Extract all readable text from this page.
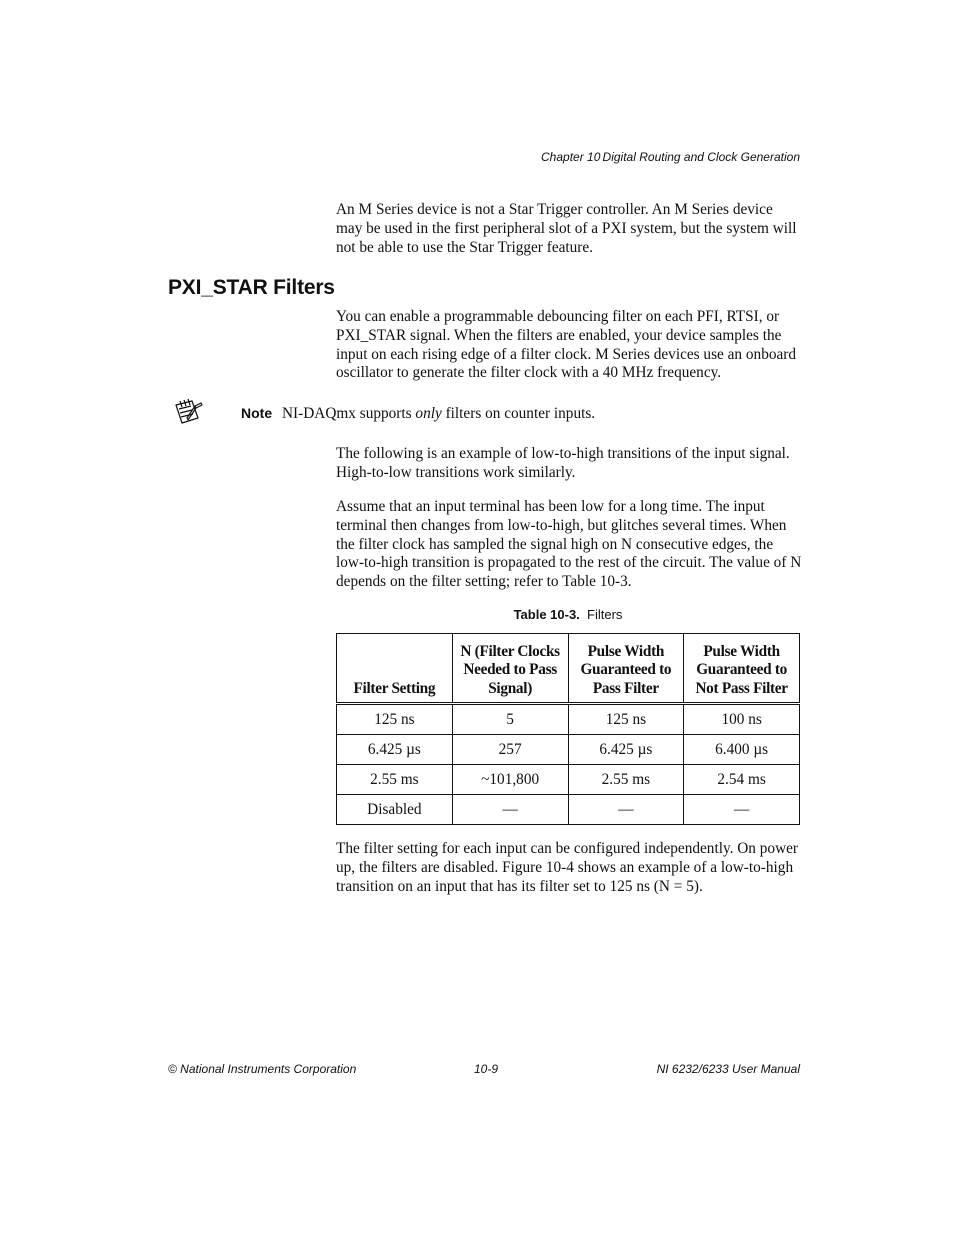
Chapter 10 Digital Routing and Clock Generation

An M Series device is not a Star Trigger controller. An M Series device may be used in the first peripheral slot of a PXI system, but the system will not be able to use the Star Trigger feature.

PXI_STAR Filters

You can enable a programmable debouncing filter on each PFI, RTSI, or PXI_STAR signal. When the filters are enabled, your device samples the input on each rising edge of a filter clock. M Series devices use an onboard oscillator to generate the filter clock with a 40 MHz frequency.

Note NI-DAQmx supports only filters on counter inputs.

The following is an example of low-to-high transitions of the input signal. High-to-low transitions work similarly.

Assume that an input terminal has been low for a long time. The input terminal then changes from low-to-high, but glitches several times. When the filter clock has sampled the signal high on N consecutive edges, the low-to-high transition is propagated to the rest of the circuit. The value of N depends on the filter setting; refer to Table 10-3.

Table 10-3. Filters
Filter Setting	N (Filter Clocks Needed to Pass Signal)	Pulse Width Guaranteed to Pass Filter	Pulse Width Guaranteed to Not Pass Filter
125 ns	5	125 ns	100 ns
6.425 µs	257	6.425 µs	6.400 µs
2.55 ms	~101,800	2.55 ms	2.54 ms
Disabled	—	—	—

The filter setting for each input can be configured independently. On power up, the filters are disabled. Figure 10-4 shows an example of a low-to-high transition on an input that has its filter set to 125 ns (N = 5).

© National Instruments Corporation	10-9	NI 6232/6233 User Manual
